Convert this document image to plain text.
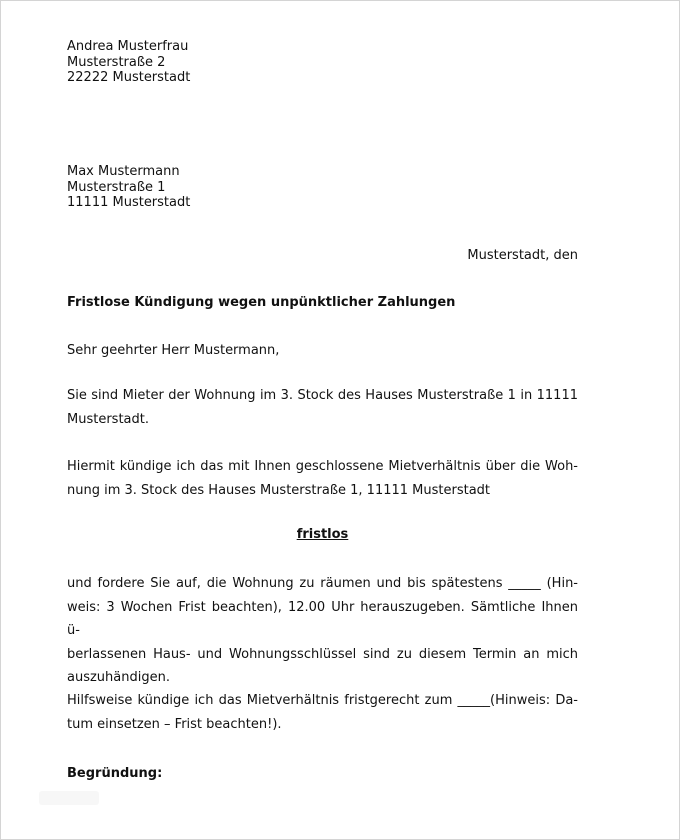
Andrea Musterfrau
Musterstraße 2
22222 Musterstadt
Max Mustermann
Musterstraße 1
11111 Musterstadt
Musterstadt, den
Fristlose Kündigung wegen unpünktlicher Zahlungen
Sehr geehrter Herr Mustermann,
Sie sind Mieter der Wohnung im 3. Stock des Hauses Musterstraße 1 in 11111
Musterstadt.
Hiermit kündige ich das mit Ihnen geschlossene Mietverhältnis über die Woh-
nung im 3. Stock des Hauses Musterstraße 1, 11111 Musterstadt
fristlos
und fordere Sie auf, die Wohnung zu räumen und bis spätestens _____ (Hin-
weis: 3 Wochen Frist beachten), 12.00 Uhr herauszugeben. Sämtliche Ihnen ü-
berlassenen Haus- und Wohnungsschlüssel sind zu diesem Termin an mich
auszuhändigen.
Hilfsweise kündige ich das Mietverhältnis fristgerecht zum _____(Hinweis: Da-
tum einsetzen – Frist beachten!).
Begründung:
